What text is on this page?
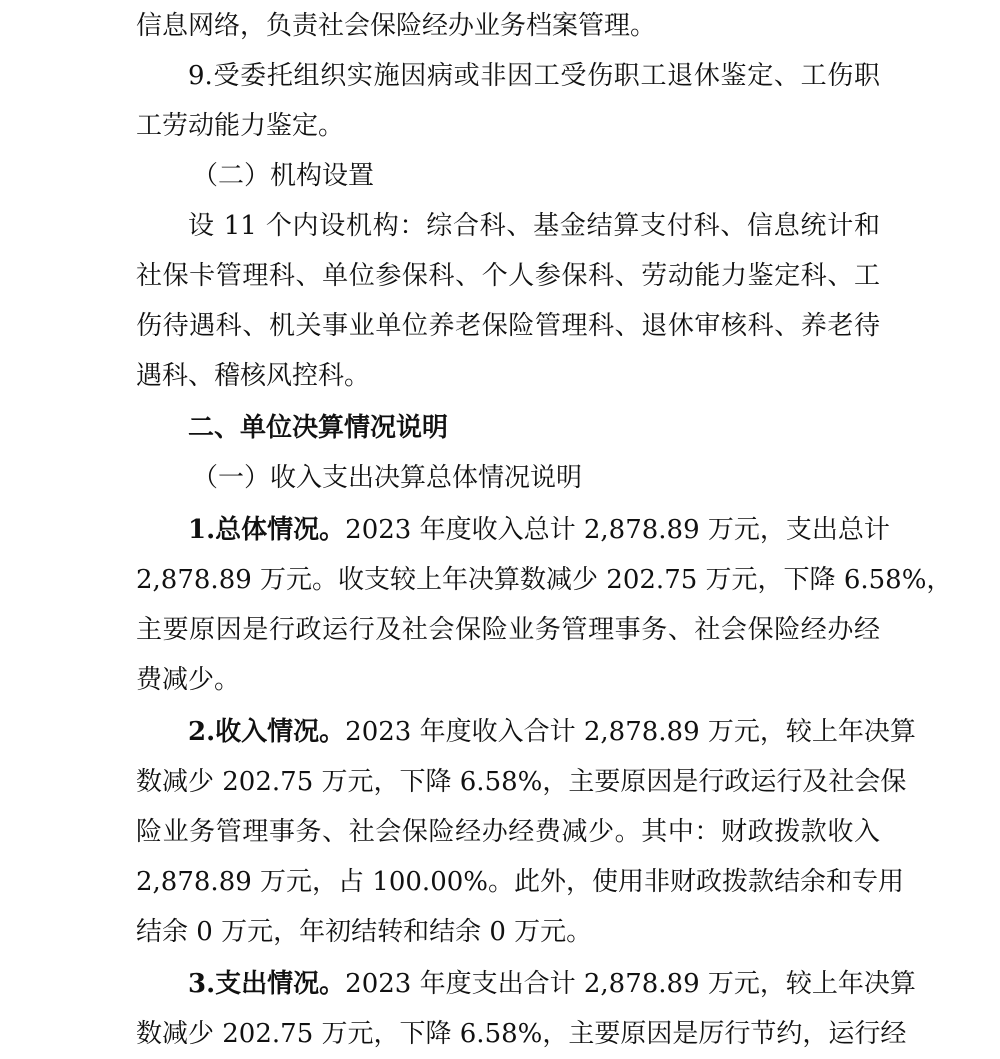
信息网络，负责社会保险经办业务档案管理。
9.受委托组织实施因病或非因工受伤职工退休鉴定、工伤职
工劳动能力鉴定。
（二）机构设置
设 11 个内设机构：综合科、基金结算支付科、信息统计和
社保卡管理科、单位参保科、个人参保科、劳动能力鉴定科、工
伤待遇科、机关事业单位养老保险管理科、退休审核科、养老待
遇科、稽核风控科。
二、单位决算情况说明
（一）收入支出决算总体情况说明
1.总体情况。2023 年度收入总计 2,878.89 万元，支出总计
2,878.89 万元。收支较上年决算数减少 202.75 万元，下降 6.58%，
主要原因是行政运行及社会保险业务管理事务、社会保险经办经
费减少。
2.收入情况。2023 年度收入合计 2,878.89 万元，较上年决算
数减少 202.75 万元，下降 6.58%，主要原因是行政运行及社会保
险业务管理事务、社会保险经办经费减少。其中：财政拨款收入
2,878.89 万元，占 100.00%。此外，使用非财政拨款结余和专用
结余 0 万元，年初结转和结余 0 万元。
3.支出情况。2023 年度支出合计 2,878.89 万元，较上年决算
数减少 202.75 万元，下降 6.58%，主要原因是厉行节约，运行经
